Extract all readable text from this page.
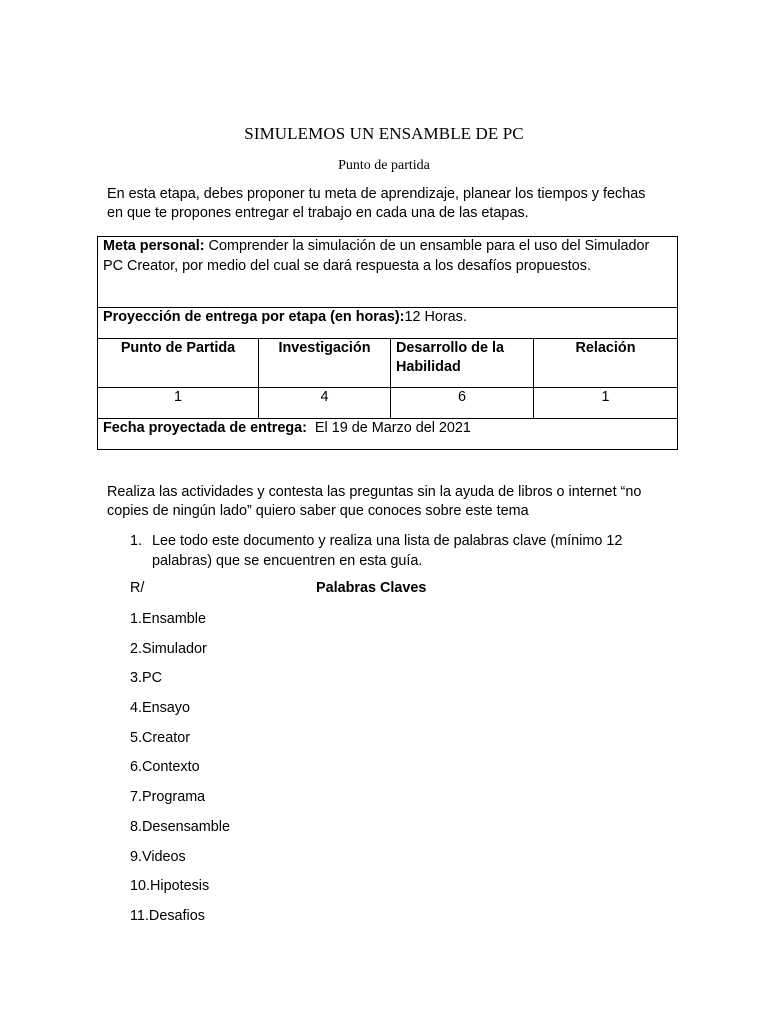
SIMULEMOS UN ENSAMBLE DE PC
Punto de partida
En esta etapa, debes proponer tu meta de aprendizaje, planear los tiempos y fechas en que te propones entregar el trabajo en cada una de las etapas.
Meta personal: Comprender la simulación de un ensamble para el uso del Simulador PC Creator, por medio del cual se dará respuesta a los desafíos propuestos.			
Proyección de entrega por etapa (en horas):12 Horas.			
Punto de Partida	Investigación	Desarrollo de la Habilidad	Relación
1	4	6	1
Fecha proyectada de entrega:  El 19 de Marzo del 2021			
Realiza las actividades y contesta las preguntas sin la ayuda de libros o internet “no copies de ningún lado” quiero saber que conoces sobre este tema
1. Lee todo este documento y realiza una lista de palabras clave (mínimo 12 palabras) que se encuentren en esta guía.
R/	Palabras Claves
1.Ensamble
2.Simulador
3.PC
4.Ensayo
5.Creator
6.Contexto
7.Programa
8.Desensamble
9.Videos
10.Hipotesis
11.Desafios
